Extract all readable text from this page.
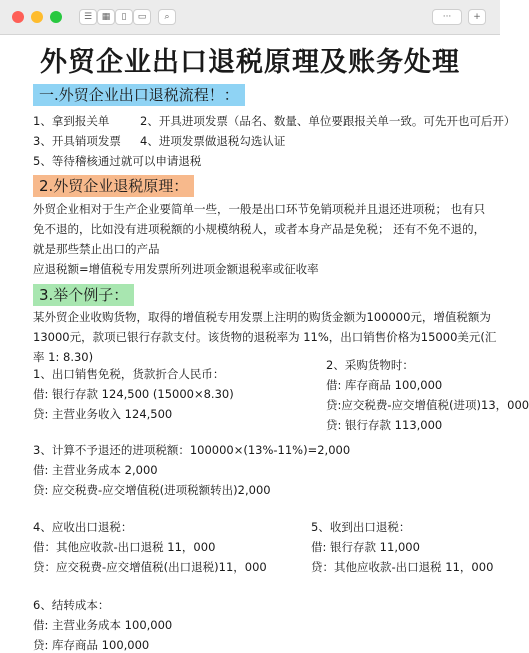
☰	▦	▯	▭	⌕	···	+
外贸企业出口退税原理及账务处理
一.外贸企业出口退税流程！：
1、拿到报关单	2、开具进项发票（品名、数量、单位要跟报关单一致。可先开也可后开）
3、开具销项发票 4、进项发票做退税勾选认证
5、等待稽核通过就可以申请退税
2.外贸企业退税原理：
外贸企业相对于生产企业要简单一些，一般是出口环节免销项税并且退还进项税； 也有只
免不退的，比如没有进项税额的小规模纳税人，或者本身产品是免税； 还有不免不退的，
就是那些禁止出口的产品
应退税额=增值税专用发票所列进项金额退税率或征收率
3.举个例子：
某外贸企业收购货物，取得的增值税专用发票上注明的购货金额为100000元，增值税额为
13000元，款项已银行存款支付。该货物的退税率为 11%，出口销售价格为15000美元(汇
率 1: 8.30)
1、出口销售免税，货款折合人民币：
借: 银行存款 124,500 (15000×8.30)
贷: 主营业务收入 124,500
2、采购货物时：
借: 库存商品 100,000
贷:应交税费-应交增值税(进项)13，000
贷: 银行存款 113,000
3、计算不予退还的进项税额：100000×(13%-11%)=2,000
借: 主营业务成本 2,000
贷: 应交税费-应交增值税(进项税额转出)2,000
4、应收出口退税：
借：其他应收款-出口退税 11，000
贷：应交税费-应交增值税(出口退税)11，000
5、收到出口退税：
借: 银行存款 11,000
贷：其他应收款-出口退税 11，000
6、结转成本：
借: 主营业务成本 100,000
贷: 库存商品 100,000
